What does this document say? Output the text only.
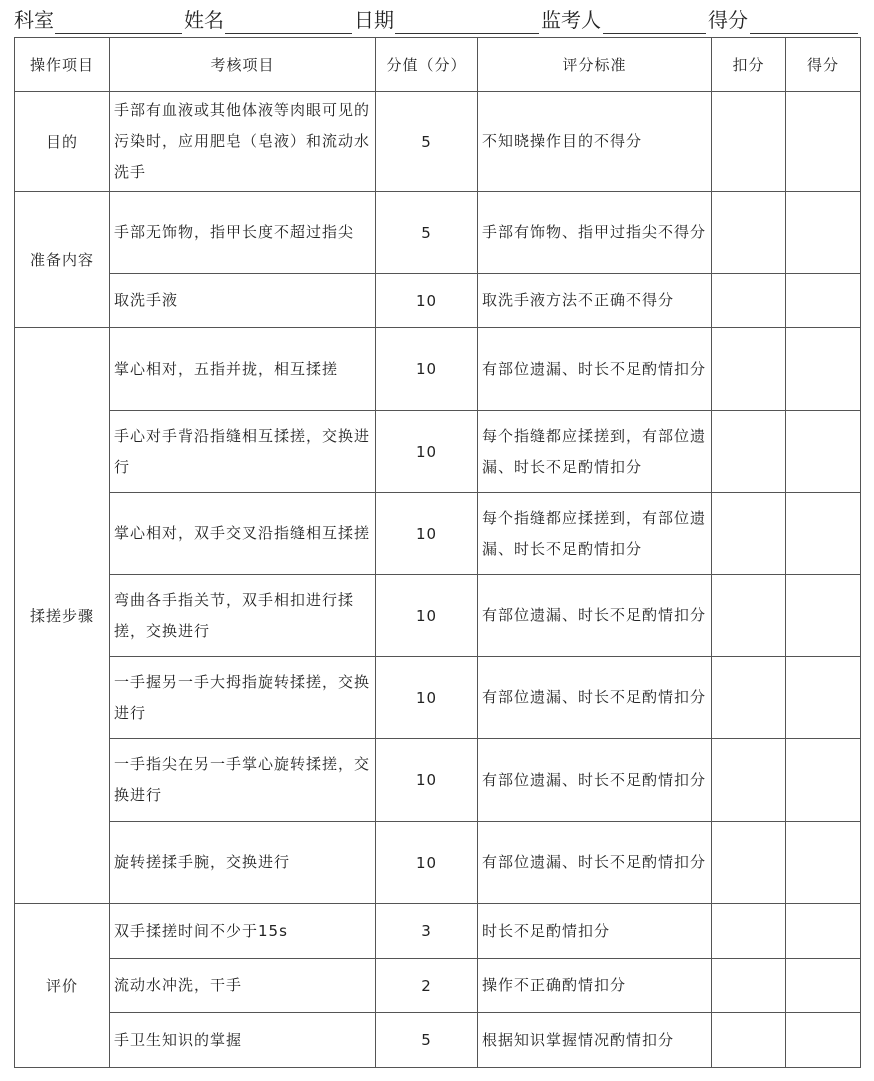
科室	姓名	日期	监考人	得分
操作项目	考核项目	分值（分）	评分标准	扣分	得分
目的	手部有血液或其他体液等肉眼可见的污染时，应用肥皂（皂液）和流动水洗手	5	不知晓操作目的不得分		
准备内容	手部无饰物，指甲长度不超过指尖	5	手部有饰物、指甲过指尖不得分		
	取洗手液	10	取洗手液方法不正确不得分		
揉搓步骤	掌心相对，五指并拢，相互揉搓	10	有部位遗漏、时长不足酌情扣分		
	手心对手背沿指缝相互揉搓，交换进行	10	每个指缝都应揉搓到，有部位遗漏、时长不足酌情扣分		
	掌心相对，双手交叉沿指缝相互揉搓	10	每个指缝都应揉搓到，有部位遗漏、时长不足酌情扣分		
	弯曲各手指关节，双手相扣进行揉搓，交换进行	10	有部位遗漏、时长不足酌情扣分		
	一手握另一手大拇指旋转揉搓，交换进行	10	有部位遗漏、时长不足酌情扣分		
	一手指尖在另一手掌心旋转揉搓，交换进行	10	有部位遗漏、时长不足酌情扣分		
	旋转搓揉手腕，交换进行	10	有部位遗漏、时长不足酌情扣分		
评价	双手揉搓时间不少于15s	3	时长不足酌情扣分		
	流动水冲洗，干手	2	操作不正确酌情扣分		
	手卫生知识的掌握	5	根据知识掌握情况酌情扣分		
